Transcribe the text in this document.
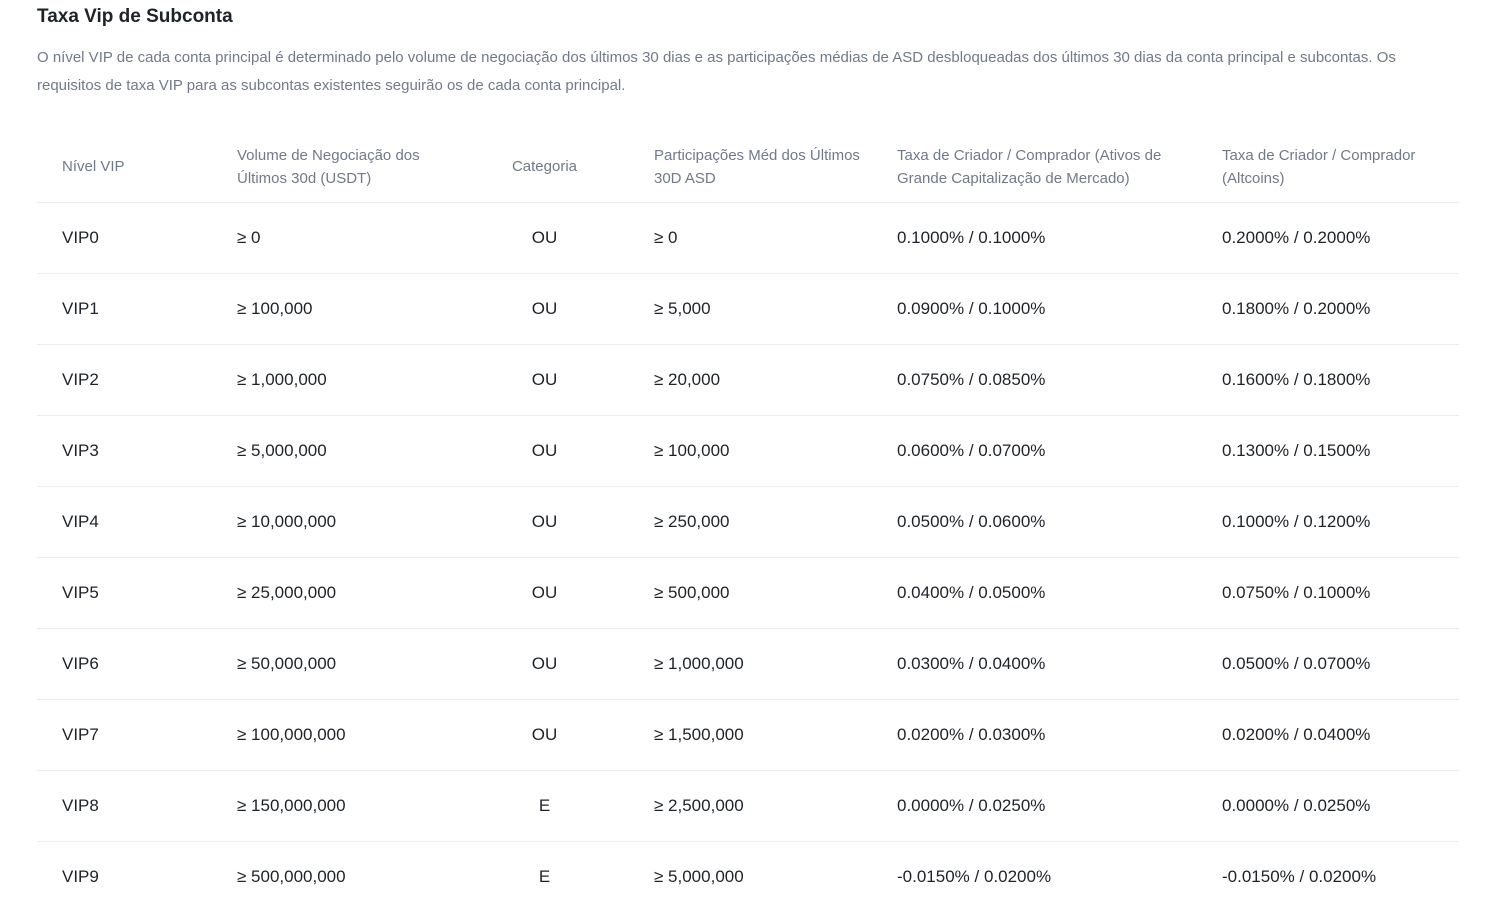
Taxa Vip de Subconta

O nível VIP de cada conta principal é determinado pelo volume de negociação dos últimos 30 dias e as participações médias de ASD desbloqueadas dos últimos 30 dias da conta principal e subcontas. Os requisitos de taxa VIP para as subcontas existentes seguirão os de cada conta principal.

Nível VIP	Volume de Negociação dos Últimos 30d (USDT)	Categoria	Participações Méd dos Últimos 30D ASD	Taxa de Criador / Comprador (Ativos de Grande Capitalização de Mercado)	Taxa de Criador / Comprador (Altcoins)
VIP0	≥ 0	OU	≥ 0	0.1000% / 0.1000%	0.2000% / 0.2000%
VIP1	≥ 100,000	OU	≥ 5,000	0.0900% / 0.1000%	0.1800% / 0.2000%
VIP2	≥ 1,000,000	OU	≥ 20,000	0.0750% / 0.0850%	0.1600% / 0.1800%
VIP3	≥ 5,000,000	OU	≥ 100,000	0.0600% / 0.0700%	0.1300% / 0.1500%
VIP4	≥ 10,000,000	OU	≥ 250,000	0.0500% / 0.0600%	0.1000% / 0.1200%
VIP5	≥ 25,000,000	OU	≥ 500,000	0.0400% / 0.0500%	0.0750% / 0.1000%
VIP6	≥ 50,000,000	OU	≥ 1,000,000	0.0300% / 0.0400%	0.0500% / 0.0700%
VIP7	≥ 100,000,000	OU	≥ 1,500,000	0.0200% / 0.0300%	0.0200% / 0.0400%
VIP8	≥ 150,000,000	E	≥ 2,500,000	0.0000% / 0.0250%	0.0000% / 0.0250%
VIP9	≥ 500,000,000	E	≥ 5,000,000	-0.0150% / 0.0200%	-0.0150% / 0.0200%
